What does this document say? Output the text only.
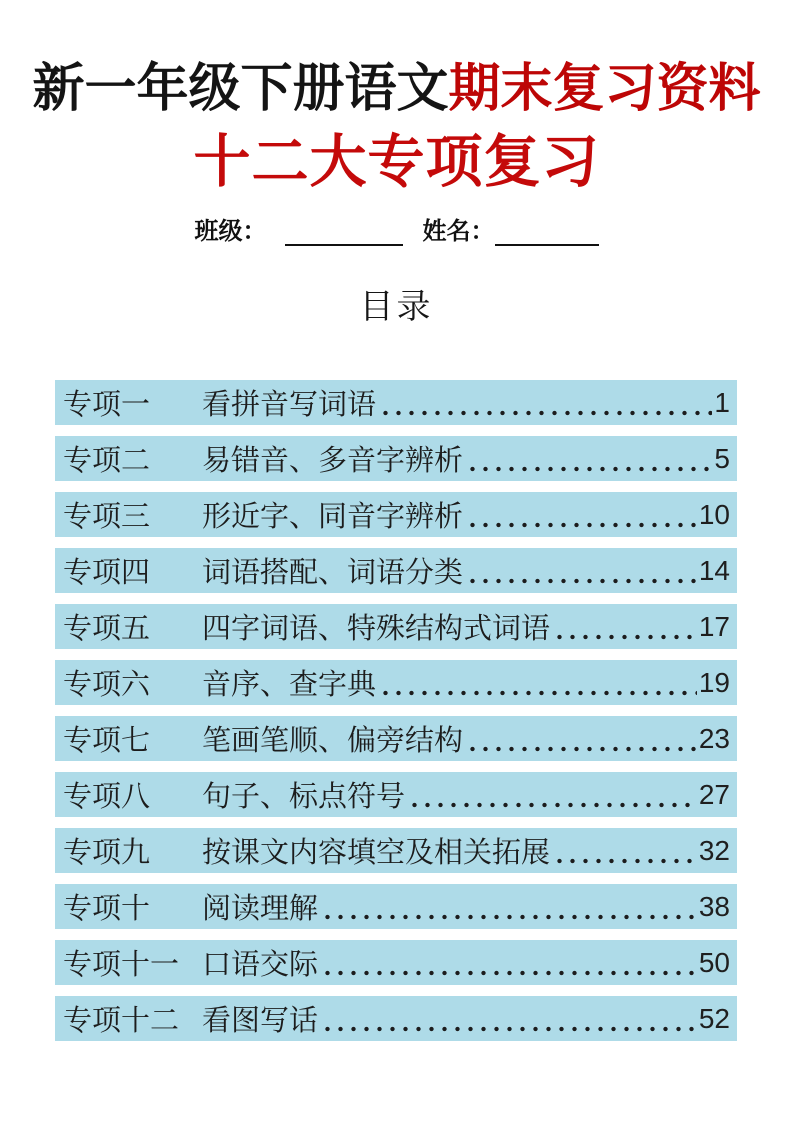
新一年级下册语文期末复习资料
十二大专项复习
班级：	姓名：
目录
专项一	看拼音写词语	1
专项二	易错音、多音字辨析	5
专项三	形近字、同音字辨析	10
专项四	词语搭配、词语分类	14
专项五	四字词语、特殊结构式词语	17
专项六	音序、查字典	19
专项七	笔画笔顺、偏旁结构	23
专项八	句子、标点符号	27
专项九	按课文内容填空及相关拓展	32
专项十	阅读理解	38
专项十一 口语交际	50
专项十二 看图写话	52
